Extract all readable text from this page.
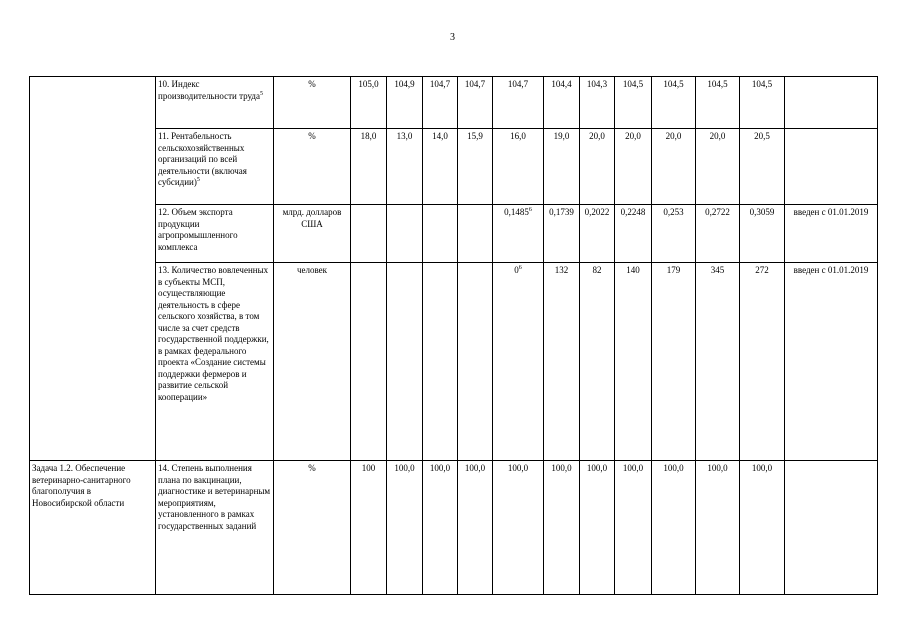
3
	10. Индекс производительности труда$^5$	%	105,0	104,9	104,7	104,7	104,7	104,4	104,3	104,5	104,5	104,5	104,5	
	11. Рентабельность сельскохозяйственных организаций по всей деятельности (включая субсидии)$^5$	%	18,0	13,0	14,0	15,9	16,0	19,0	20,0	20,0	20,0	20,0	20,5	
	12. Объем экспорта продукции агропромышленного комплекса	млрд. долларов США					0,1485$^6$	0,1739	0,2022	0,2248	0,253	0,2722	0,3059	введен с 01.01.2019
	13. Количество вовлеченных в субъекты МСП, осуществляющие деятельность в сфере сельского хозяйства, в том числе за счет средств государственной поддержки, в рамках федерального проекта «Создание системы поддержки фермеров и развитие сельской кооперации»	человек					$0^6$	132	82	140	179	345	272	введен с 01.01.2019
Задача 1.2. Обеспечение ветеринарно-санитарного благополучия в Новосибирской области	14. Степень выполнения плана по вакцинации, диагностике и ветеринарным мероприятиям, установленного в рамках государственных заданий	%	100	100,0	100,0	100,0	100,0	100,0	100,0	100,0	100,0	100,0	100,0	
